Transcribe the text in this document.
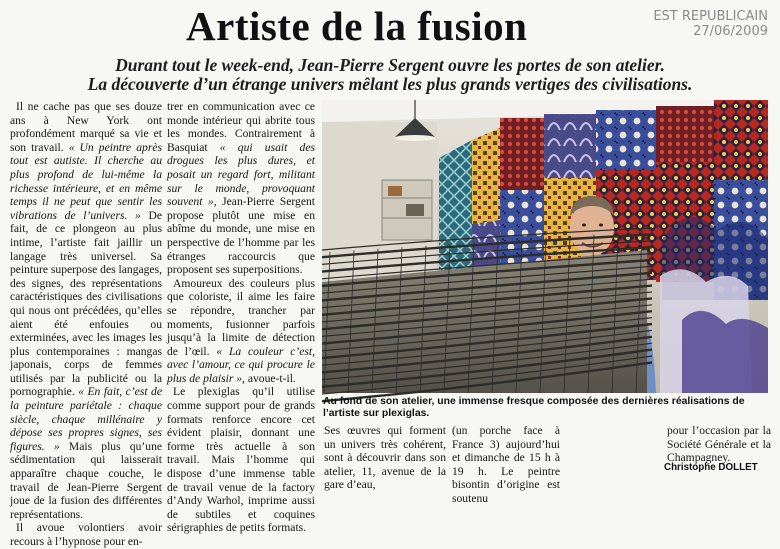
Artiste de la fusion	EST REPUBLICAIN
27/06/2009
Durant tout le week-end, Jean-Pierre Sergent ouvre les portes de son atelier.
La découverte d’un étrange univers mêlant les plus grands vertiges des civilisations.

Il ne cache pas que ses douze ans à New York ont profondément marqué sa vie et son travail. « Un peintre après tout est autiste. Il cherche au plus profond de lui-même la richesse intérieure, et en même temps il ne peut que sentir les vibrations de l’univers. » De fait, de ce plongeon au plus intime, l’artiste fait jaillir un langage très universel. Sa peinture superpose des langages, des signes, des représentations caractéristiques des civilisations qui nous ont précédées, qu’elles aient été enfouies ou exterminées, avec les images les plus contemporaines : mangas japonais, corps de femmes utilisés par la publicité ou la pornographie. « En fait, c’est de la peinture pariétale : chaque siècle, chaque millénaire y dépose ses propres signes, ses figures. » Mais plus qu’une sédimentation qui laisserait apparaître chaque couche, le travail de Jean-Pierre Sergent joue de la fusion des différentes représentations.

Il avoue volontiers avoir recours à l’hypnose pour en-

trer en communication avec ce monde intérieur qui abrite tous les mondes. Contrairement à Basquiat « qui usait des drogues les plus dures, et posait un regard fort, militant sur le monde, provoquant souvent », Jean-Pierre Sergent propose plutôt une mise en abîme du monde, une mise en perspective de l’homme par les étranges raccourcis que proposent ses superpositions.

Amoureux des couleurs plus que coloriste, il aime les faire se répondre, trancher par moments, fusionner parfois jusqu’à la limite de détection de l’œil. « La couleur c’est, avec l’amour, ce qui procure le plus de plaisir », avoue-t-il.

Le plexiglas qu’il utilise comme support pour de grands formats renforce encore cet évident plaisir, donnant une forme très actuelle à son travail. Mais l’homme qui dispose d’une immense table de travail venue de la factory d’Andy Warhol, imprime aussi de subtiles et coquines sérigraphies de petits formats.

Au fond de son atelier, une immense fresque composée des dernières réalisations de l’artiste sur plexiglas.
Ses œuvres qui forment un univers très cohérent, sont à découvrir dans son atelier, 11, avenue de la gare d’eau,
(un porche face à France 3) aujourd’hui et dimanche de 15 h à 19 h. Le peintre bisontin d’origine est soutenu
pour l’occasion par la Société Générale et la Champagney.
Christophe DOLLET
